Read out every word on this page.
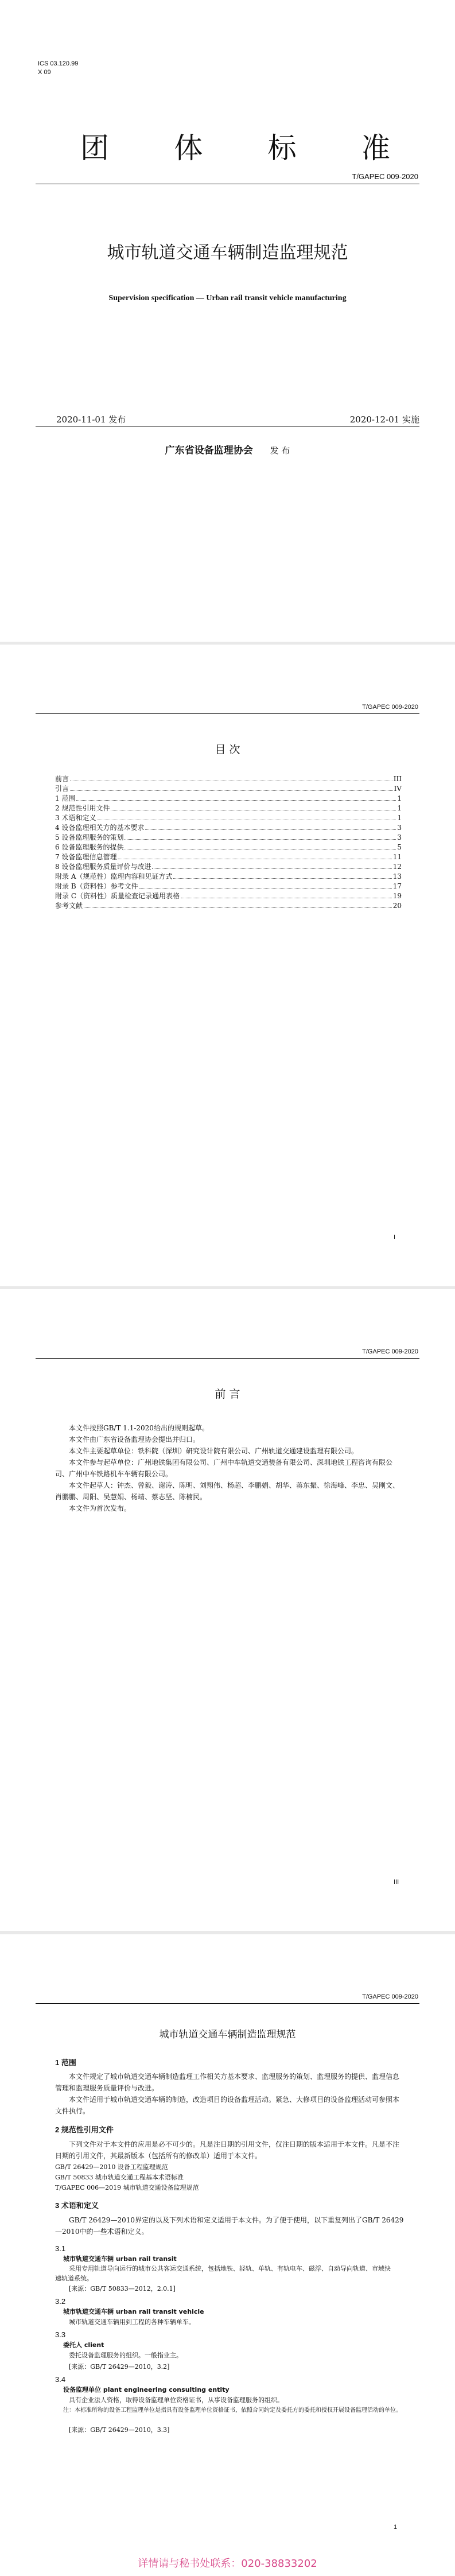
ICS 03.120.99
X 09
团 体 标 准
T/GAPEC 009-2020
城市轨道交通车辆制造监理规范
Supervision specification — Urban rail transit vehicle manufacturing
2020-11-01 发布	2020-12-01 实施
广东省设备监理协会 发 布
T/GAPEC 009-2020
目 次
I
前言	III
引言	IV
1 范围	1
2 规范性引用文件	1
3 术语和定义	1
4 设备监理相关方的基本要求	3
5 设备监理服务的策划	3
6 设备监理服务的提供	5
7 设备监理信息管理	11
8 设备监理服务质量评价与改进	12
附录 A（规范性）监理内容和见证方式	13
附录 B（资料性）参考文件	17
附录 C（资料性）质量检查记录通用表格	19
参考文献	20
T/GAPEC 009-2020
前 言
本文件按照GB/T 1.1-2020给出的规则起草。
本文件由广东省设备监理协会提出并归口。
本文件主要起草单位：铁科院（深圳）研究设计院有限公司、广州轨道交通建设监理有限公司。
本文件参与起草单位：广州地铁集团有限公司、广州中车轨道交通装备有限公司、深圳地铁工程咨询有限公司、广州中车铁路机车车辆有限公司。
本文件起草人：钟杰、曾毅、谢涛、陈明、刘翔伟、杨超、李鹏娟、胡华、蒋东振、徐海峰、李忠、吴刚文、肖鹏鹏、周阳、吴慧娟、杨靖、蔡志坚、陈楠民。
本文件为首次发布。
III
T/GAPEC 009-2020
城市轨道交通车辆制造监理规范
1 范围
本文件规定了城市轨道交通车辆制造监理工作相关方基本要求、监理服务的策划、监理服务的提供、监理信息管理和监理服务质量评价与改进。
本文件适用于城市轨道交通车辆的制造，改造项目的设备监理活动。紧急、大修项目的设备监理活动可参照本文件执行。
2 规范性引用文件
下列文件对于本文件的应用是必不可少的。凡是注日期的引用文件，仅注日期的版本适用于本文件。凡是不注日期的引用文件，其最新版本（包括所有的修改单）适用于本文件。
GB/T 26429—2010 设备工程监理规范
GB/T 50833 城市轨道交通工程基本术语标准
T/GAPEC 006—2019 城市轨道交通设备监理规范
3 术语和定义
GB/T 26429—2010界定的以及下列术语和定义适用于本文件。为了便于使用，以下重复列出了GB/T 26429—2010中的一些术语和定义。
3.1
城市轨道交通车辆 urban rail transit
采用专用轨道导向运行的城市公共客运交通系统，包括地铁、轻轨、单轨、有轨电车、磁浮、自动导向轨道、市域快速轨道系统。
[来源：GB/T 50833—2012，2.0.1]
3.2
城市轨道交通车辆 urban rail transit vehicle
城市轨道交通车辆用到工程的各种车辆单车。
3.3
委托人 client
委托设备监理服务的组织。一般指业主。
[来源：GB/T 26429—2010，3.2]
3.4
设备监理单位 plant engineering consulting entity
具有企业法人资格，取得设备监理单位资格证书，从事设备监理服务的组织。
注：本标准所称的设备工程监理单位是指具有设备监理单位资格证书，依照合同约定及委托方的委托和授权开展设备监理活动的单位。
[来源：GB/T 26429—2010，3.3]
1
详情请与秘书处联系：020-38833202
